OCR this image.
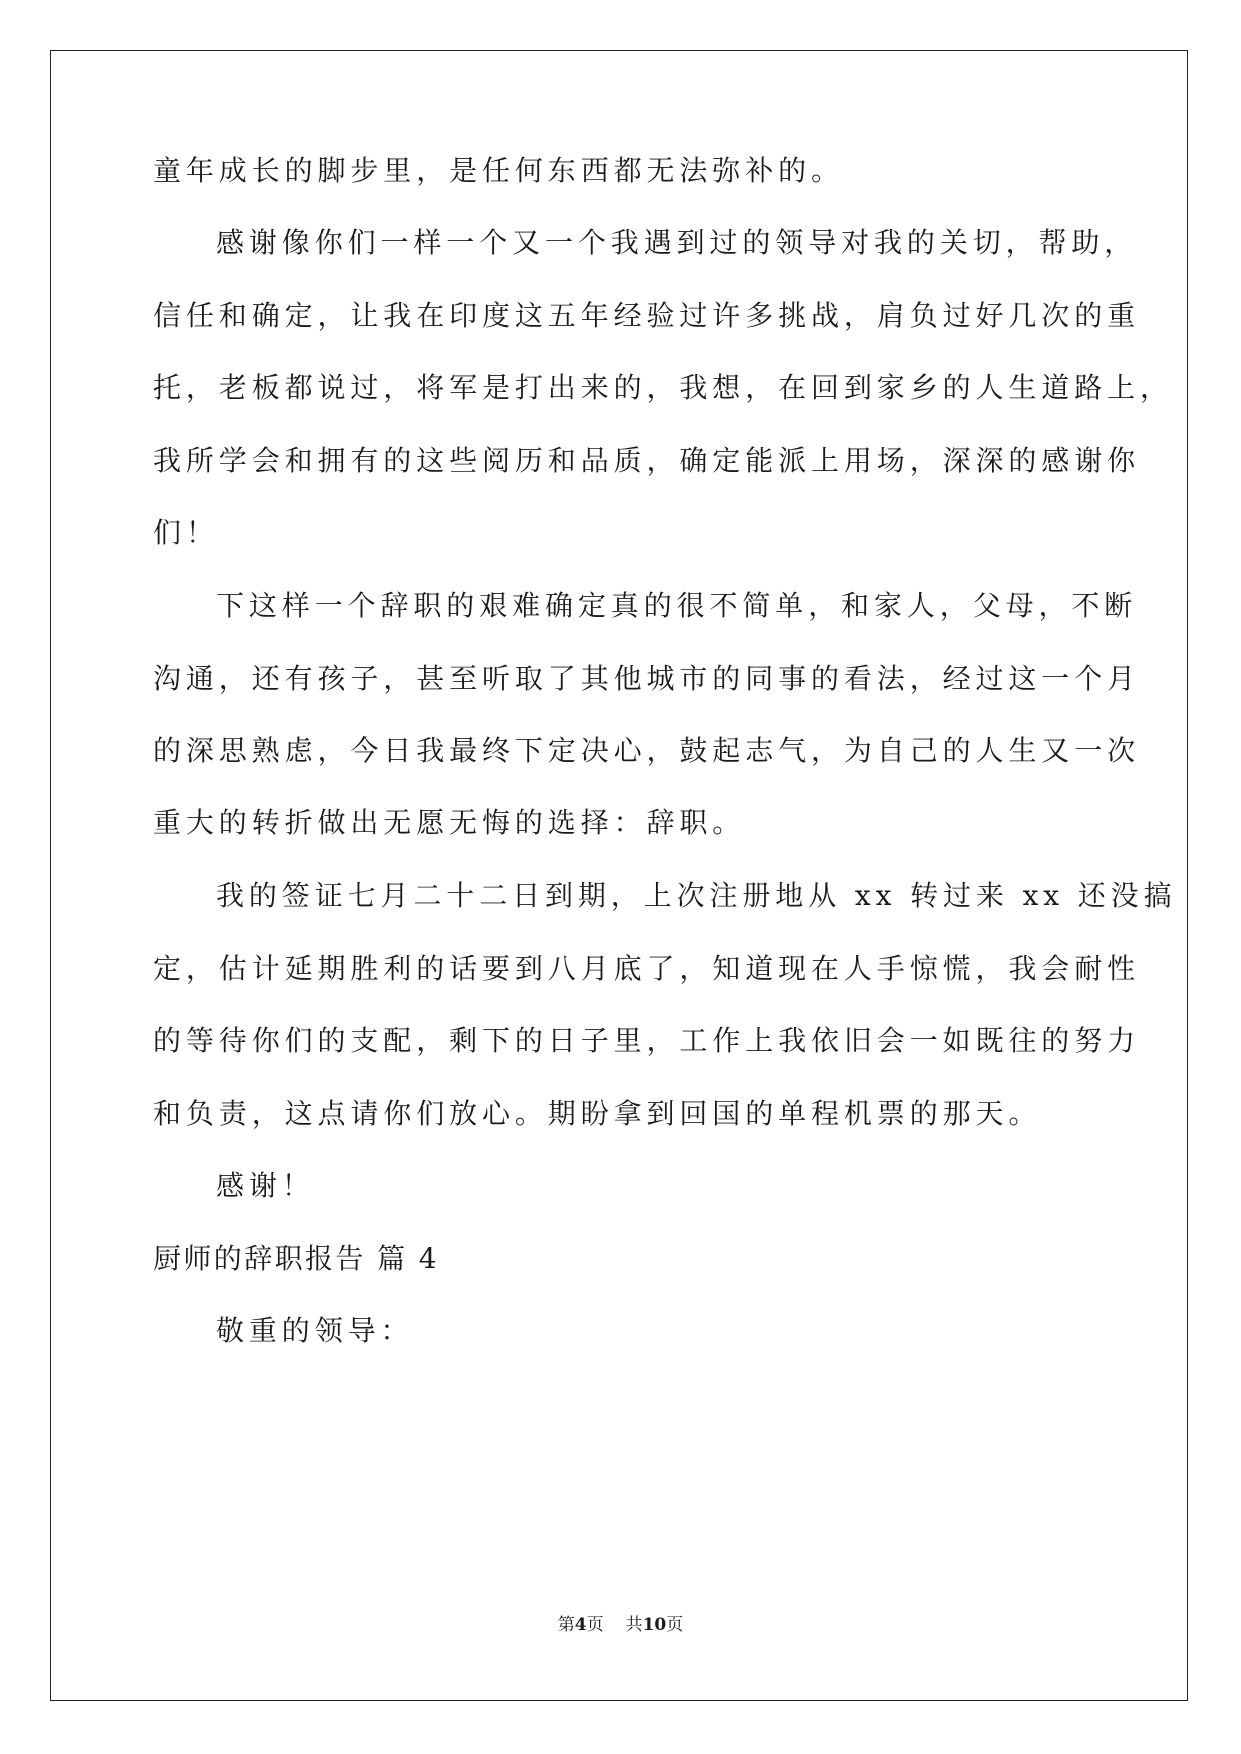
童年成长的脚步里，是任何东西都无法弥补的。
感谢像你们一样一个又一个我遇到过的领导对我的关切，帮助，
信任和确定，让我在印度这五年经验过许多挑战，肩负过好几次的重
托，老板都说过，将军是打出来的，我想，在回到家乡的人生道路上，
我所学会和拥有的这些阅历和品质，确定能派上用场，深深的感谢你
们！
下这样一个辞职的艰难确定真的很不简单，和家人，父母，不断
沟通，还有孩子，甚至听取了其他城市的同事的看法，经过这一个月
的深思熟虑，今日我最终下定决心，鼓起志气，为自己的人生又一次
重大的转折做出无愿无悔的选择：辞职。
我的签证七月二十二日到期，上次注册地从 xx 转过来 xx 还没搞
定，估计延期胜利的话要到八月底了，知道现在人手惊慌，我会耐性
的等待你们的支配，剩下的日子里，工作上我依旧会一如既往的努力
和负责，这点请你们放心。期盼拿到回国的单程机票的那天。
感谢！
厨师的辞职报告 篇 4
敬重的领导：
第4页 共10页
